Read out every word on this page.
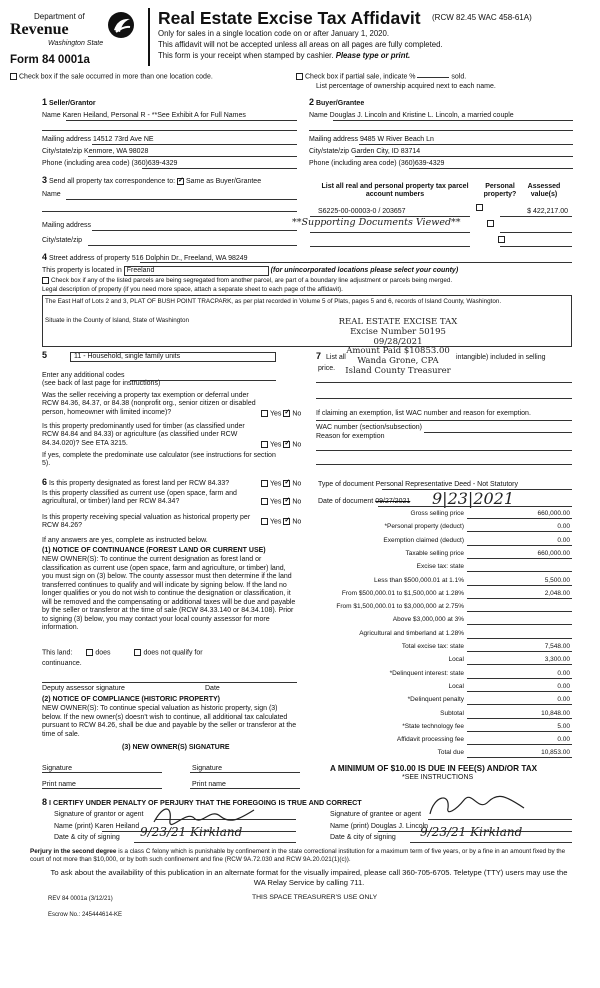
Department of
Revenue
Washington State
Form 84 0001a
Real Estate Excise Tax Affidavit (RCW 82.45 WAC 458-61A)
Only for sales in a single location code on or after January 1, 2020.
This affidavit will not be accepted unless all areas on all pages are fully completed.
This form is your receipt when stamped by cashier. Please type or print.
Check box if the sale occurred in more than one location code.	Check box if partial sale, indicate %	sold.
List percentage of ownership acquired next to each name.
1 Seller/Grantor	2 Buyer/Grantee
Name Karen Heiland, Personal R - **See Exhibit A for Full Names	Name Douglas J. Lincoln and Kristine L. Lincoln, a married couple
Mailing address 14512 73rd Ave NE	Mailing address 9485 W River Beach Ln
City/state/zip Kenmore, WA 98028	City/state/zip Garden City, ID 83714
Phone (including area code) (360)639-4329	Phone (including area code) (360)639-4329
3 Send all property tax correspondence to: ✓ Same as Buyer/Grantee
Name
Mailing address
City/state/zip
List all real and personal property tax parcel account numbers
Personal property?
Assessed value(s)
S6225-00-00003-0 / 203657
	$ 422,217.00
**Supporting Documents Viewed**

4 Street address of property 516 Dolphin Dr., Freeland, WA 98249
This property is located in Freeland	(for unincorporated locations please select your county)
Check box if any of the listed parcels are being segregated from another parcel, are part of a boundary line adjustment or parcels being merged.
Legal description of property (if you need more space, attach a separate sheet to each page of the affidavit).
The East Half of Lots 2 and 3, PLAT OF BUSH POINT TRACPARK, as per plat recorded in Volume 5 of Plats, pages 5 and 6, records of Island County, Washington.
Situate in the County of Island, State of Washington	REAL ESTATE EXCISE TAX
Excise Number 50195
09/28/2021
Amount Paid $10853.00
Wanda Grone, CPA
Island County Treasurer
5	11 - Household, single family units
Enter any additional codes
(see back of last page for instructions)
Was the seller receiving a property tax exemption or deferral under RCW 84.36, 84.37, or 84.38 (nonprofit org., senior citizen or disabled person, homeowner with limited income)?	Yes ✓ No
Is this property predominantly used for timber (as classified under RCW 84.84 and 84.33) or agriculture (as classified under RCW 84.34.020)? See ETA 3215.	Yes ✓ No
If yes, complete the predominate use calculator (see instructions for section 5).
7 List all
price.
intangible) included in selling
If claiming an exemption, list WAC number and reason for exemption.
WAC number (section/subsection)
Reason for exemption
6 Is this property designated as forest land per RCW 84.33?	Yes ✓ No
Is this property classified as current use (open space, farm and agricultural, or timber) land per RCW 84.34?	Yes ✓ No
Is this property receiving special valuation as historical property per RCW 84.26?
Yes ✓ No
If any answers are yes, complete as instructed below.
(1) NOTICE OF CONTINUANCE (FOREST LAND OR CURRENT USE)
NEW OWNER(S): To continue the current designation as forest land or classification as current use (open space, farm and agriculture, or timber) land, you must sign on (3) below. The county assessor must then determine if the land transferred continues to qualify and will indicate by signing below. If the land no longer qualifies or you do not wish to continue the designation or classification, it will be removed and the compensating or additional taxes will be due and payable by the seller or transferor at the time of sale (RCW 84.33.140 or 84.34.108). Prior to signing (3) below, you may contact your local county assessor for more information.
This land:	does	does not qualify for
continuance.
Deputy assessor signature	Date
(2) NOTICE OF COMPLIANCE (HISTORIC PROPERTY)
NEW OWNER(S): To continue special valuation as historic property, sign (3) below. If the new owner(s) doesn't wish to continue, all additional tax calculated pursuant to RCW 84.26, shall be due and payable by the seller or transferor at the time of sale.
(3) NEW OWNER(S) SIGNATURE
Signature	Signature
Print name	Print name
Type of document Personal Representative Deed - Not Statutory
Date of document 09/27/2021 9|23|2021
Gross selling price	660,000.00
*Personal property (deduct)	0.00
Exemption claimed (deduct)	0.00
Taxable selling price	660,000.00
Excise tax: state
Less than $500,000.01 at 1.1%	5,500.00
From $500,000.01 to $1,500,000 at 1.28%	2,048.00
From $1,500,000.01 to $3,000,000 at 2.75%
Above $3,000,000 at 3%
Agricultural and timberland at 1.28%
Total excise tax: state	7,548.00
Local	3,300.00
*Delinquent interest: state	0.00
Local	0.00
*Delinquent penalty	0.00
Subtotal	10,848.00
*State technology fee	5.00
Affidavit processing fee	0.00
Total due	10,853.00
A MINIMUM OF $10.00 IS DUE IN FEE(S) AND/OR TAX
*SEE INSTRUCTIONS
8 I CERTIFY UNDER PENALTY OF PERJURY THAT THE FOREGOING IS TRUE AND CORRECT
Signature of grantor or agent
Name (print) Karen Heiland
Date & city of signing 9/23/21 Kirkland
Signature of grantee or agent
Name (print) Douglas J. Lincoln
Date & city of signing 9/23/21 Kirkland
Perjury in the second degree is a class C felony which is punishable by confinement in the state correctional institution for a maximum term of five years, or by a fine in an amount fixed by the court of not more than $10,000, or by both such confinement and fine (RCW 9A.72.030 and RCW 9A.20.021(1)(c)).
To ask about the availability of this publication in an alternate format for the visually impaired, please call 360-705-6705. Teletype (TTY) users may use the WA Relay Service by calling 711.
REV 84 0001a (3/12/21)	THIS SPACE TREASURER'S USE ONLY
Escrow No.: 245444614-KE
